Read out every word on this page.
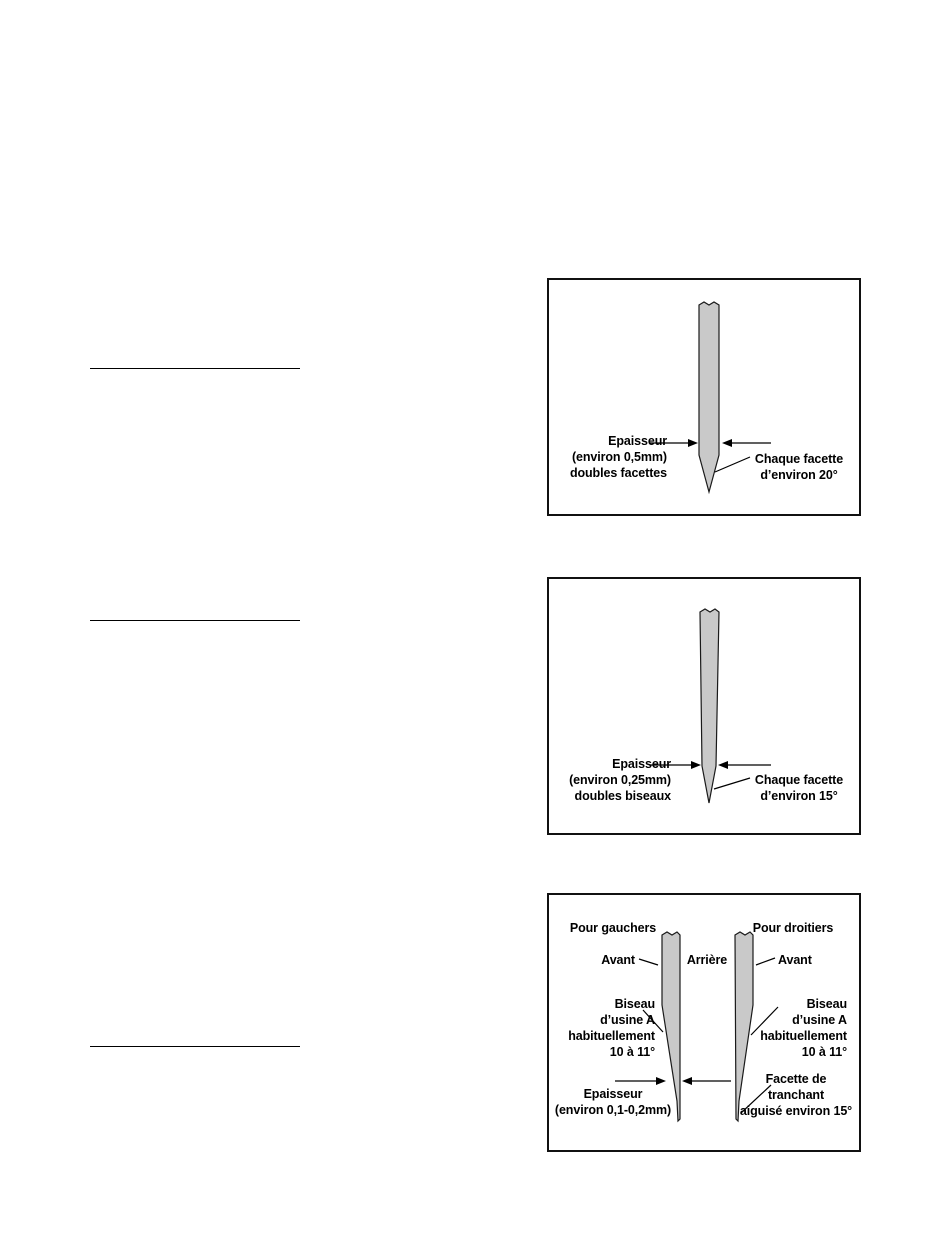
Epaisseur
(environ 0,5mm)
doubles facettes
Chaque facette
d’environ 20°
Epaisseur
(environ 0,25mm)
doubles biseaux
Chaque facette
d’environ 15°
Pour gauchers	Pour droitiers
Avant	Arrière	Avant
Biseau
d’usine A
habituellement
10 à 11°
Biseau
d’usine A
habituellement
10 à 11°
Epaisseur
(environ 0,1-0,2mm)
Facette de
tranchant
aiguisé environ 15°
